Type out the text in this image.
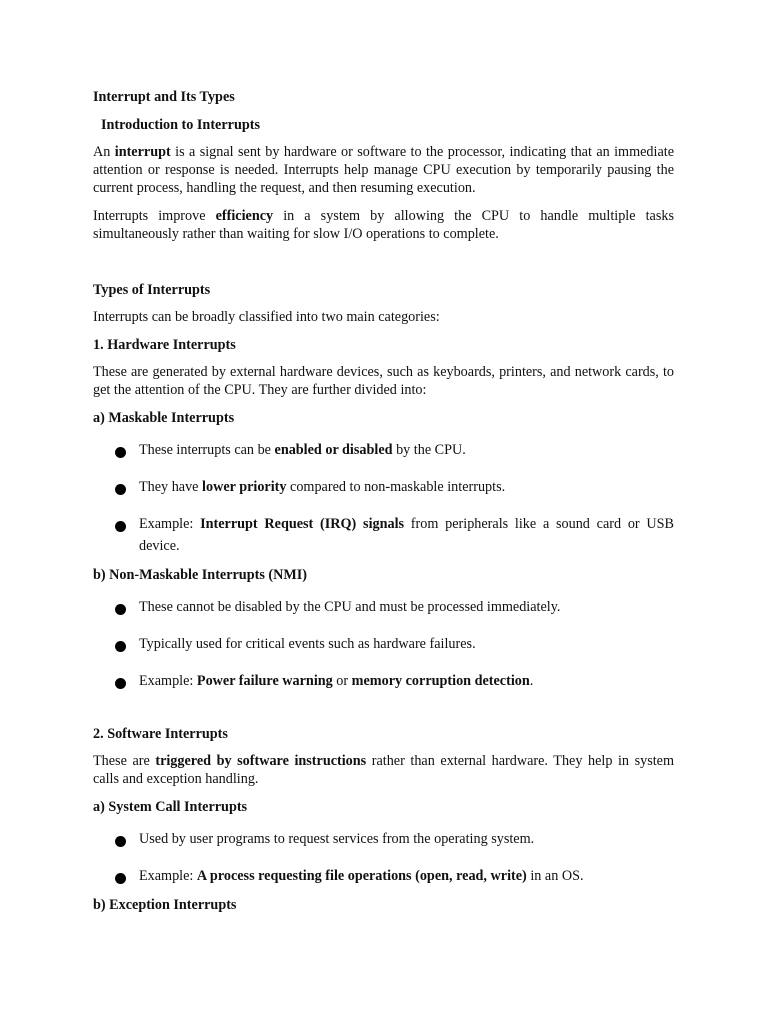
Interrupt and Its Types

Introduction to Interrupts

An interrupt is a signal sent by hardware or software to the processor, indicating that an immediate attention or response is needed. Interrupts help manage CPU execution by temporarily pausing the current process, handling the request, and then resuming execution.

Interrupts improve efficiency in a system by allowing the CPU to handle multiple tasks simultaneously rather than waiting for slow I/O operations to complete.

Types of Interrupts

Interrupts can be broadly classified into two main categories:

1. Hardware Interrupts

These are generated by external hardware devices, such as keyboards, printers, and network cards, to get the attention of the CPU. They are further divided into:

a) Maskable Interrupts

These interrupts can be enabled or disabled by the CPU.
They have lower priority compared to non-maskable interrupts.
Example: Interrupt Request (IRQ) signals from peripherals like a sound card or USB device.

b) Non-Maskable Interrupts (NMI)

These cannot be disabled by the CPU and must be processed immediately.
Typically used for critical events such as hardware failures.
Example: Power failure warning or memory corruption detection.

2. Software Interrupts

These are triggered by software instructions rather than external hardware. They help in system calls and exception handling.

a) System Call Interrupts

Used by user programs to request services from the operating system.
Example: A process requesting file operations (open, read, write) in an OS.

b) Exception Interrupts
